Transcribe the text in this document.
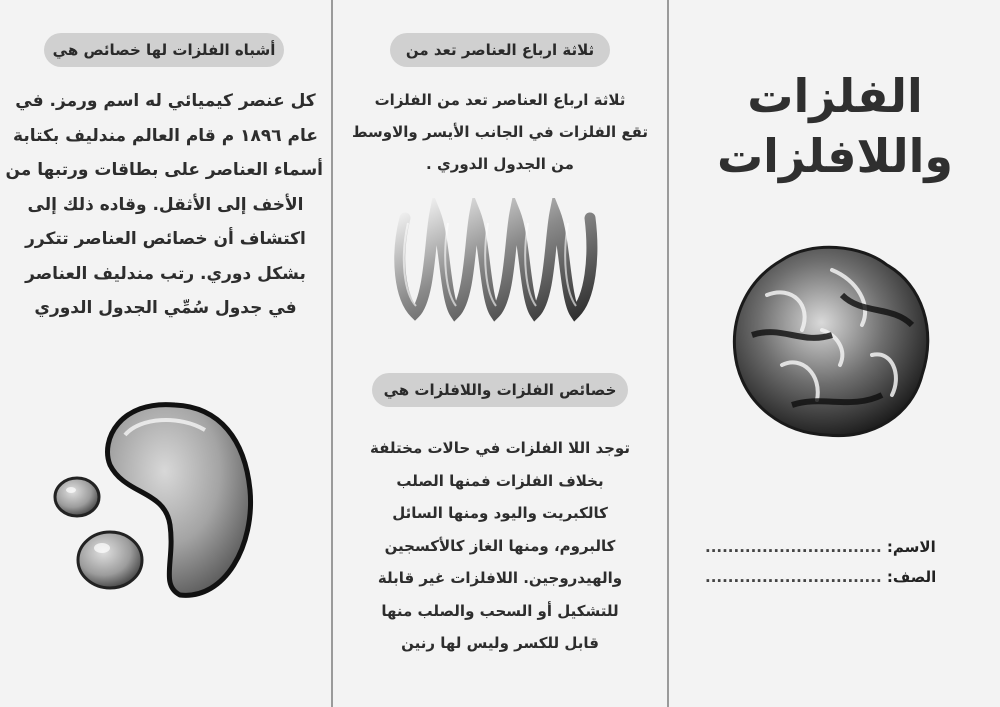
أشباه الفلزات لها خصائص هي
كل عنصر كيميائي له اسم ورمز. في
عام ١٨٩٦ م قام العالم مندليف بكتابة
أسماء العناصر على بطاقات ورتبها من
الأخف إلى الأثقل. وقاده ذلك إلى
اكتشاف أن خصائص العناصر تتكرر
بشكل دوري. رتب مندليف العناصر
في جدول سُمِّي الجدول الدوري
ثلاثة ارباع العناصر تعد من
ثلاثة ارباع العناصر تعد من الفلزات
تقع الفلزات في الجانب الأيسر والاوسط
من الجدول الدوري .
خصائص الفلزات واللافلزات هي
توجد اللا الفلزات في حالات مختلفة
بخلاف الفلزات فمنها الصلب
كالكبريت واليود ومنها السائل
كالبروم، ومنها الغاز كالأكسجين
والهيدروجين. اللافلزات غير قابلة
للتشكيل أو السحب والصلب منها
قابل للكسر وليس لها رنين
الفلزات
واللافلزات
الاسم: ...............................
الصف: ...............................
